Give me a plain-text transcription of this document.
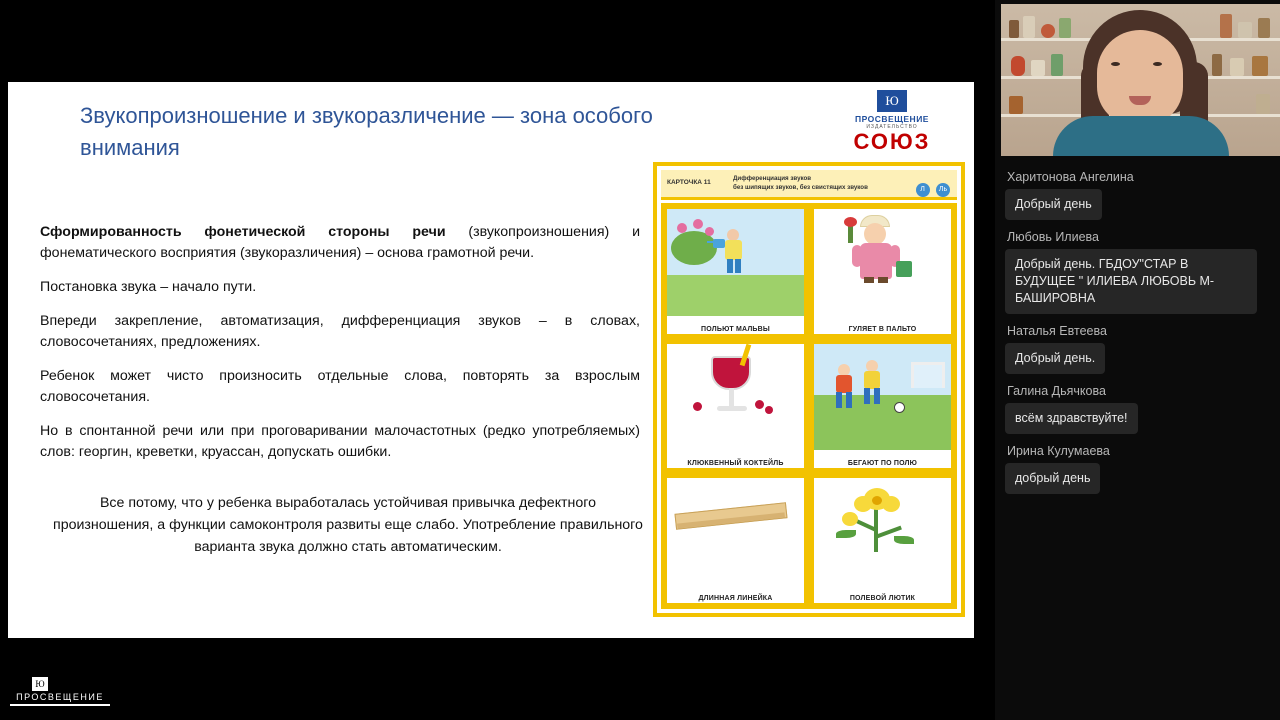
Звукопроизношение и звукоразличение — зона особого внимания
Ю
ПРОСВЕЩЕНИЕ
ИЗДАТЕЛЬСТВО
СОЮЗ

Сформированность фонетической стороны речи (звукопроизношения) и фонематического восприятия (звукоразличения) – основа грамотной речи.

Постановка звука – начало пути.

Впереди закрепление, автоматизация, дифференциация звуков – в словах, словосочетаниях, предложениях.

Ребенок может чисто произносить отдельные слова, повторять за взрослым словосочетания.

Но в спонтанной речи или при проговаривании малочастотных (редко употребляемых) слов: георгин, креветки, круассан, допускать ошибки.

Все потому, что у ребенка выработалась устойчивая привычка дефектного произношения, а функции самоконтроля развиты еще слабо. Употребление правильного варианта звука должно стать автоматическим.
КАРТОЧКА 11
Дифференциация звуков
без шипящих звуков, без свистящих звуков	Л Ль
ПОЛЬЮТ МАЛЬВЫ	ГУЛЯЕТ В ПАЛЬТО
КЛЮКВЕННЫЙ КОКТЕЙЛЬ	БЕГАЮТ ПО ПОЛЮ
ДЛИННАЯ ЛИНЕЙКА	ПОЛЕВОЙ ЛЮТИК
Ю
ПРОСВЕЩЕНИЕ
Харитонова Ангелина
Добрый день
Любовь Илиева
Добрый день. ГБДОУ"СТАР В БУДУЩЕЕ " ИЛИЕВА ЛЮБОВЬ М-БАШИРОВНА
Наталья Евтеева
Добрый день.
Галина Дьячкова
всём здравствуйте!
Ирина Кулумаева
добрый день
